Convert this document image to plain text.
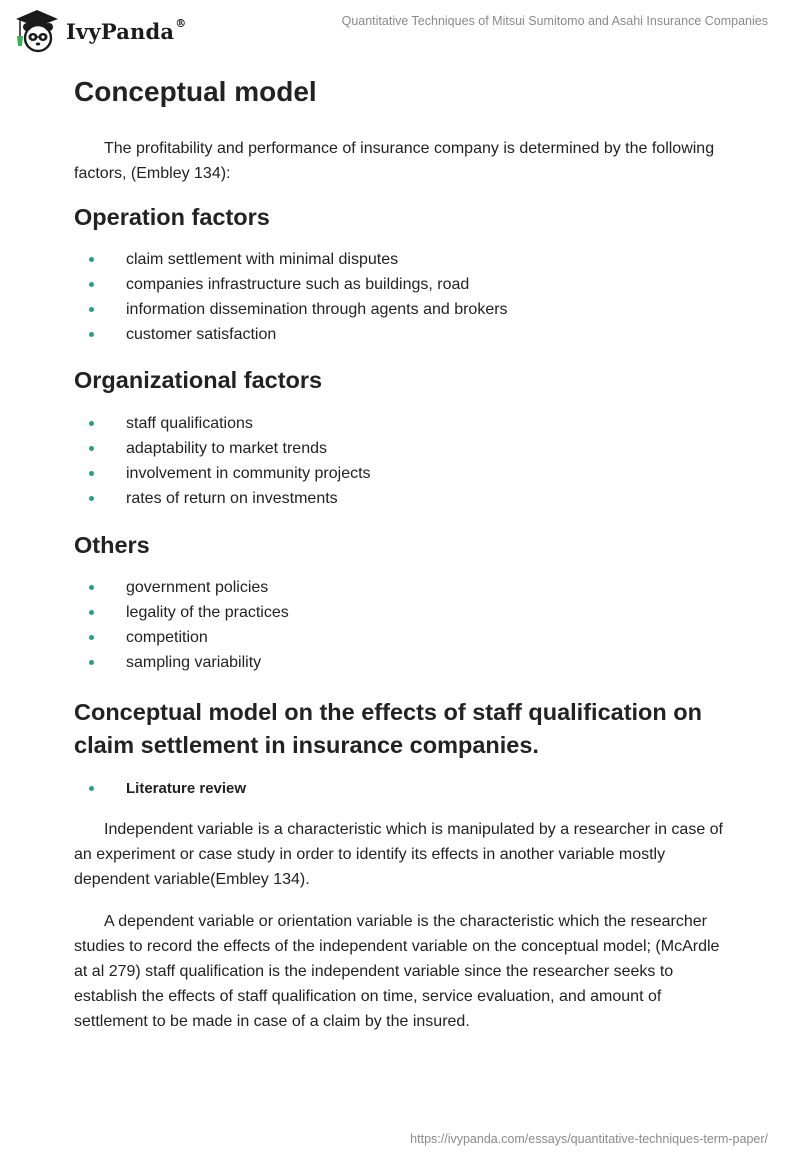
IvyPanda®	Quantitative Techniques of Mitsui Sumitomo and Asahi Insurance Companies
Conceptual model

The profitability and performance of insurance company is determined by the following factors, (Embley 134):

Operation factors
claim settlement with minimal disputes
companies infrastructure such as buildings, road
information dissemination through agents and brokers
customer satisfaction
Organizational factors
staff qualifications
adaptability to market trends
involvement in community projects
rates of return on investments
Others
government policies
legality of the practices
competition
sampling variability
Conceptual model on the effects of staff qualification on claim settlement in insurance companies.
Literature review

Independent variable is a characteristic which is manipulated by a researcher in case of an experiment or case study in order to identify its effects in another variable mostly dependent variable(Embley 134).

A dependent variable or orientation variable is the characteristic which the researcher studies to record the effects of the independent variable on the conceptual model; (McArdle at al 279) staff qualification is the independent variable since the researcher seeks to establish the effects of staff qualification on time, service evaluation, and amount of settlement to be made in case of a claim by the insured.

https://ivypanda.com/essays/quantitative-techniques-term-paper/
